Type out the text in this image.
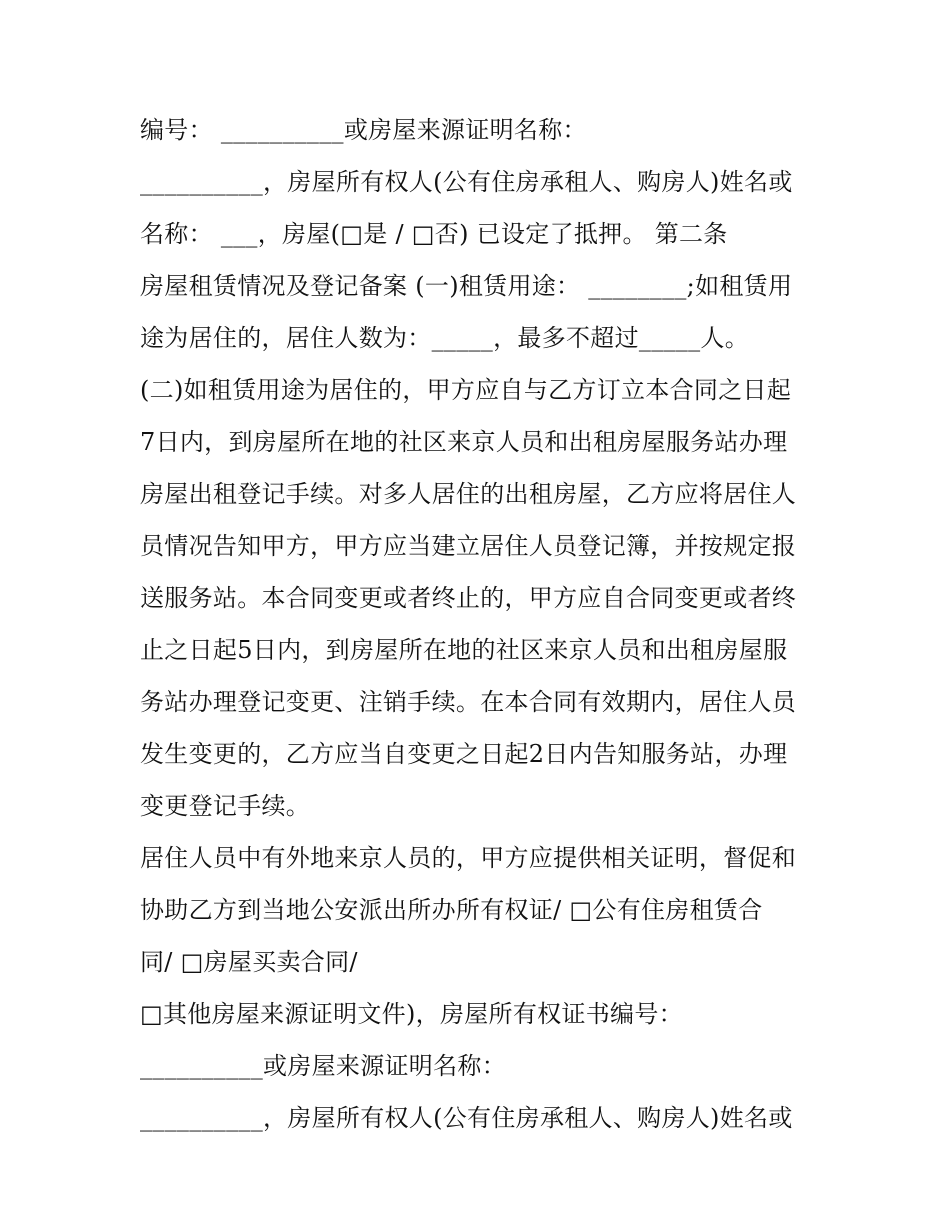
编号： __________或房屋来源证明名称：
__________，房屋所有权人(公有住房承租人、购房人)姓名或
名称： ___，房屋(□是 / □否) 已设定了抵押。 第二条
房屋租赁情况及登记备案 (一)租赁用途： ________;如租赁用
途为居住的，居住人数为：_____，最多不超过_____人。
(二)如租赁用途为居住的，甲方应自与乙方订立本合同之日起
7日内，到房屋所在地的社区来京人员和出租房屋服务站办理
房屋出租登记手续。对多人居住的出租房屋，乙方应将居住人
员情况告知甲方，甲方应当建立居住人员登记簿，并按规定报
送服务站。本合同变更或者终止的，甲方应自合同变更或者终
止之日起5日内，到房屋所在地的社区来京人员和出租房屋服
务站办理登记变更、注销手续。在本合同有效期内，居住人员
发生变更的，乙方应当自变更之日起2日内告知服务站，办理
变更登记手续。
居住人员中有外地来京人员的，甲方应提供相关证明，督促和
协助乙方到当地公安派出所办所有权证/ □公有住房租赁合
同/ □房屋买卖合同/
□其他房屋来源证明文件)，房屋所有权证书编号：
__________或房屋来源证明名称：
__________，房屋所有权人(公有住房承租人、购房人)姓名或
